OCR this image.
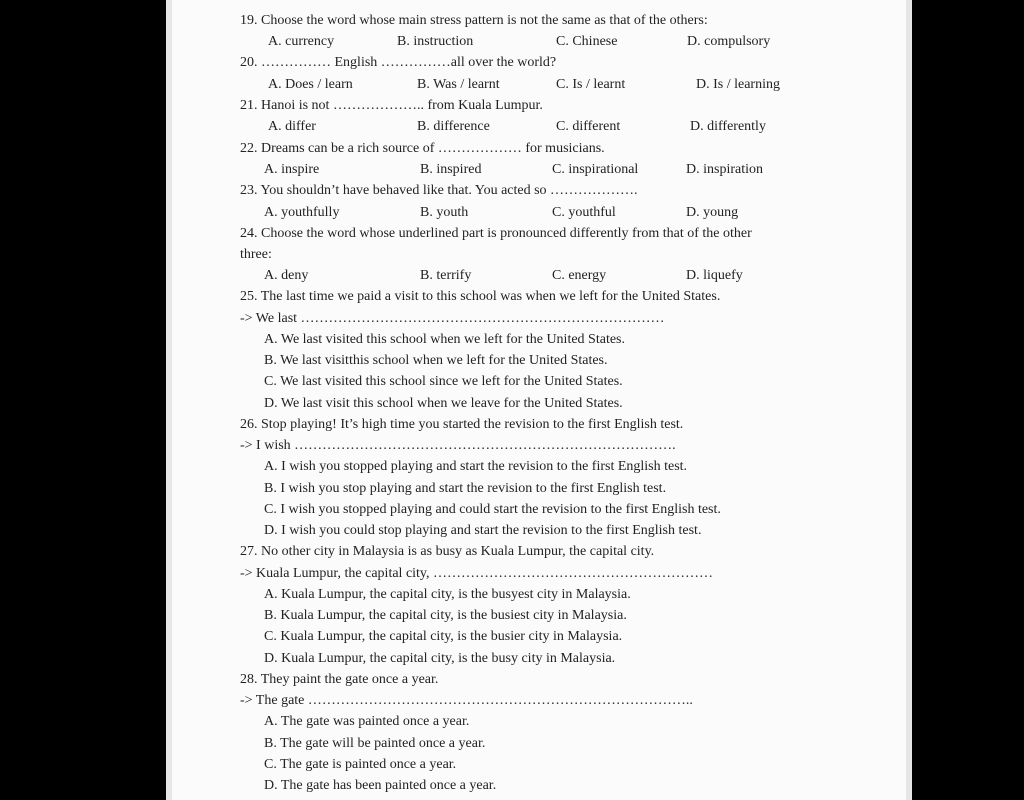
19. Choose the word whose main stress pattern is not the same as that of the others:
A. currency	B. instruction	C. Chinese	D. compulsory
20. …………… English ……………all over the world?
A. Does / learn	B. Was / learnt	C. Is / learnt	D. Is / learning
21. Hanoi is not ……………….. from Kuala Lumpur.
A. differ	B. difference	C. different	D. differently
22. Dreams can be a rich source of ……………… for musicians.
A. inspire	B. inspired	C. inspirational	D. inspiration
23. You shouldn’t have behaved like that. You acted so ……………….
A. youthfully	B. youth	C. youthful	D. young
24. Choose the word whose underlined part is pronounced differently from that of the other
three:
A. deny	B. terrify	C. energy	D. liquefy
25. The last time we paid a visit to this school was when we left for the United States.
-> We last ……………………………………………………………………
A. We last visited this school when we left for the United States.
B. We last visitthis school when we left for the United States.
C. We last visited this school since we left for the United States.
D. We last visit this school when we leave for the United States.
26. Stop playing! It’s high time you started the revision to the first English test.
-> I wish ……………………………………………………………………….
A. I wish you stopped playing and start the revision to the first English test.
B. I wish you stop playing and start the revision to the first English test.
C. I wish you stopped playing and could start the revision to the first English test.
D. I wish you could stop playing and start the revision to the first English test.
27. No other city in Malaysia is as busy as Kuala Lumpur, the capital city.
-> Kuala Lumpur, the capital city, ……………………………………………………
A. Kuala Lumpur, the capital city, is the busyest city in Malaysia.
B. Kuala Lumpur, the capital city, is the busiest city in Malaysia.
C. Kuala Lumpur, the capital city, is the busier city in Malaysia.
D. Kuala Lumpur, the capital city, is the busy city in Malaysia.
28. They paint the gate once a year.
-> The gate ………………………………………………………………………..
A. The gate was painted once a year.
B. The gate will be painted once a year.
C. The gate is painted once a year.
D. The gate has been painted once a year.
